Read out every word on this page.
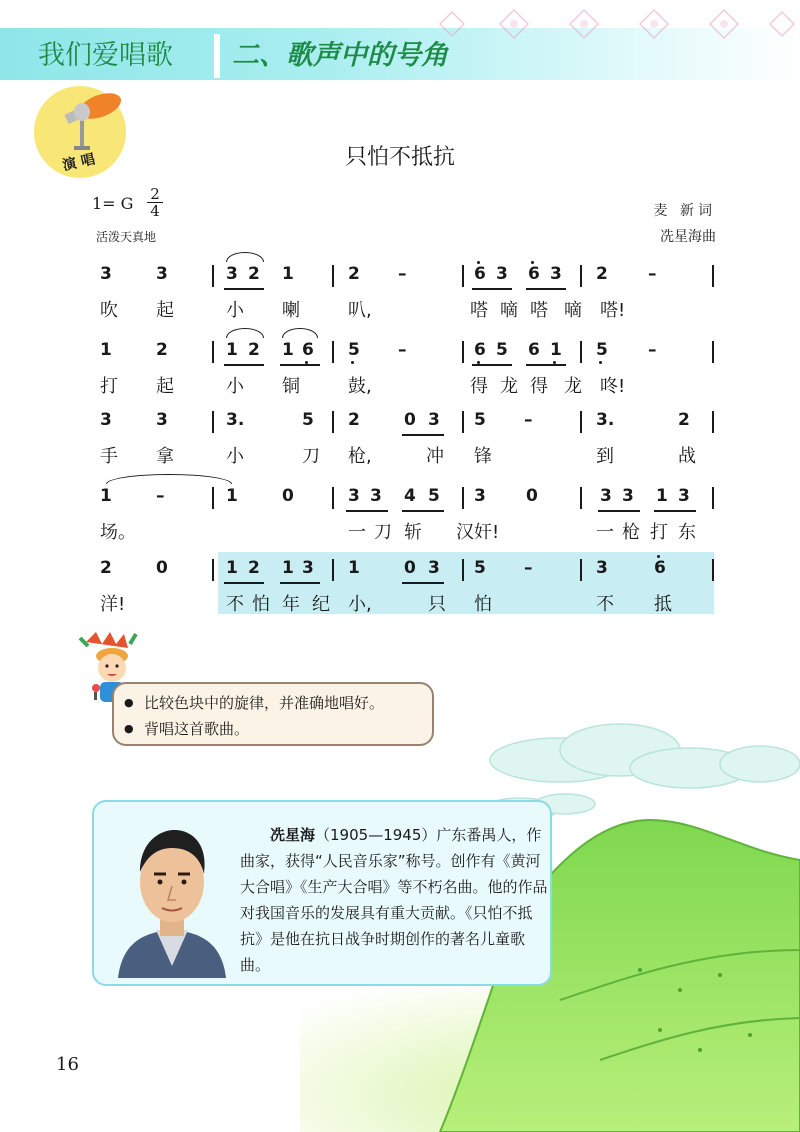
我们爱唱歌 二、歌声中的号角
演 唱	只怕不抵抗
1= G 2
4
活泼天真地
麦 新词
冼星海曲
3	3	3 2 1	2 –	6 3 6 3 2 –
吹 起	小 喇	叭,	嗒 嘀 嗒 嘀 嗒!
1	2	1 2 1 6 5 –	6 5 6 1 5 –
打 起	小 铜	鼓,	得 龙 得 龙 咚!
3	3	3.	5 2	0 3 5 –	3.	2
手 拿	小	刀 枪,	冲 锋	到	战
1	–	1	0	3 3 4 5 3 0	3 3 1 3
场。	一 刀 斩 汉 奸!	一 枪 打 东
2	0	1 2 1 3 1	0 3 5 –	3	6
洋!	不 怕 年 纪 小,	只 怕	不 抵
● 比较色块中的旋律，并准确地唱好。
● 背唱这首歌曲。
冼星海（1905—1945）广东番禺人，作曲家，获得“人民音乐家”称号。创作有《黄河大合唱》《生产大合唱》等不朽名曲。他的作品对我国音乐的发展具有重大贡献。《只怕不抵抗》是他在抗日战争时期创作的著名儿童歌曲。
16
